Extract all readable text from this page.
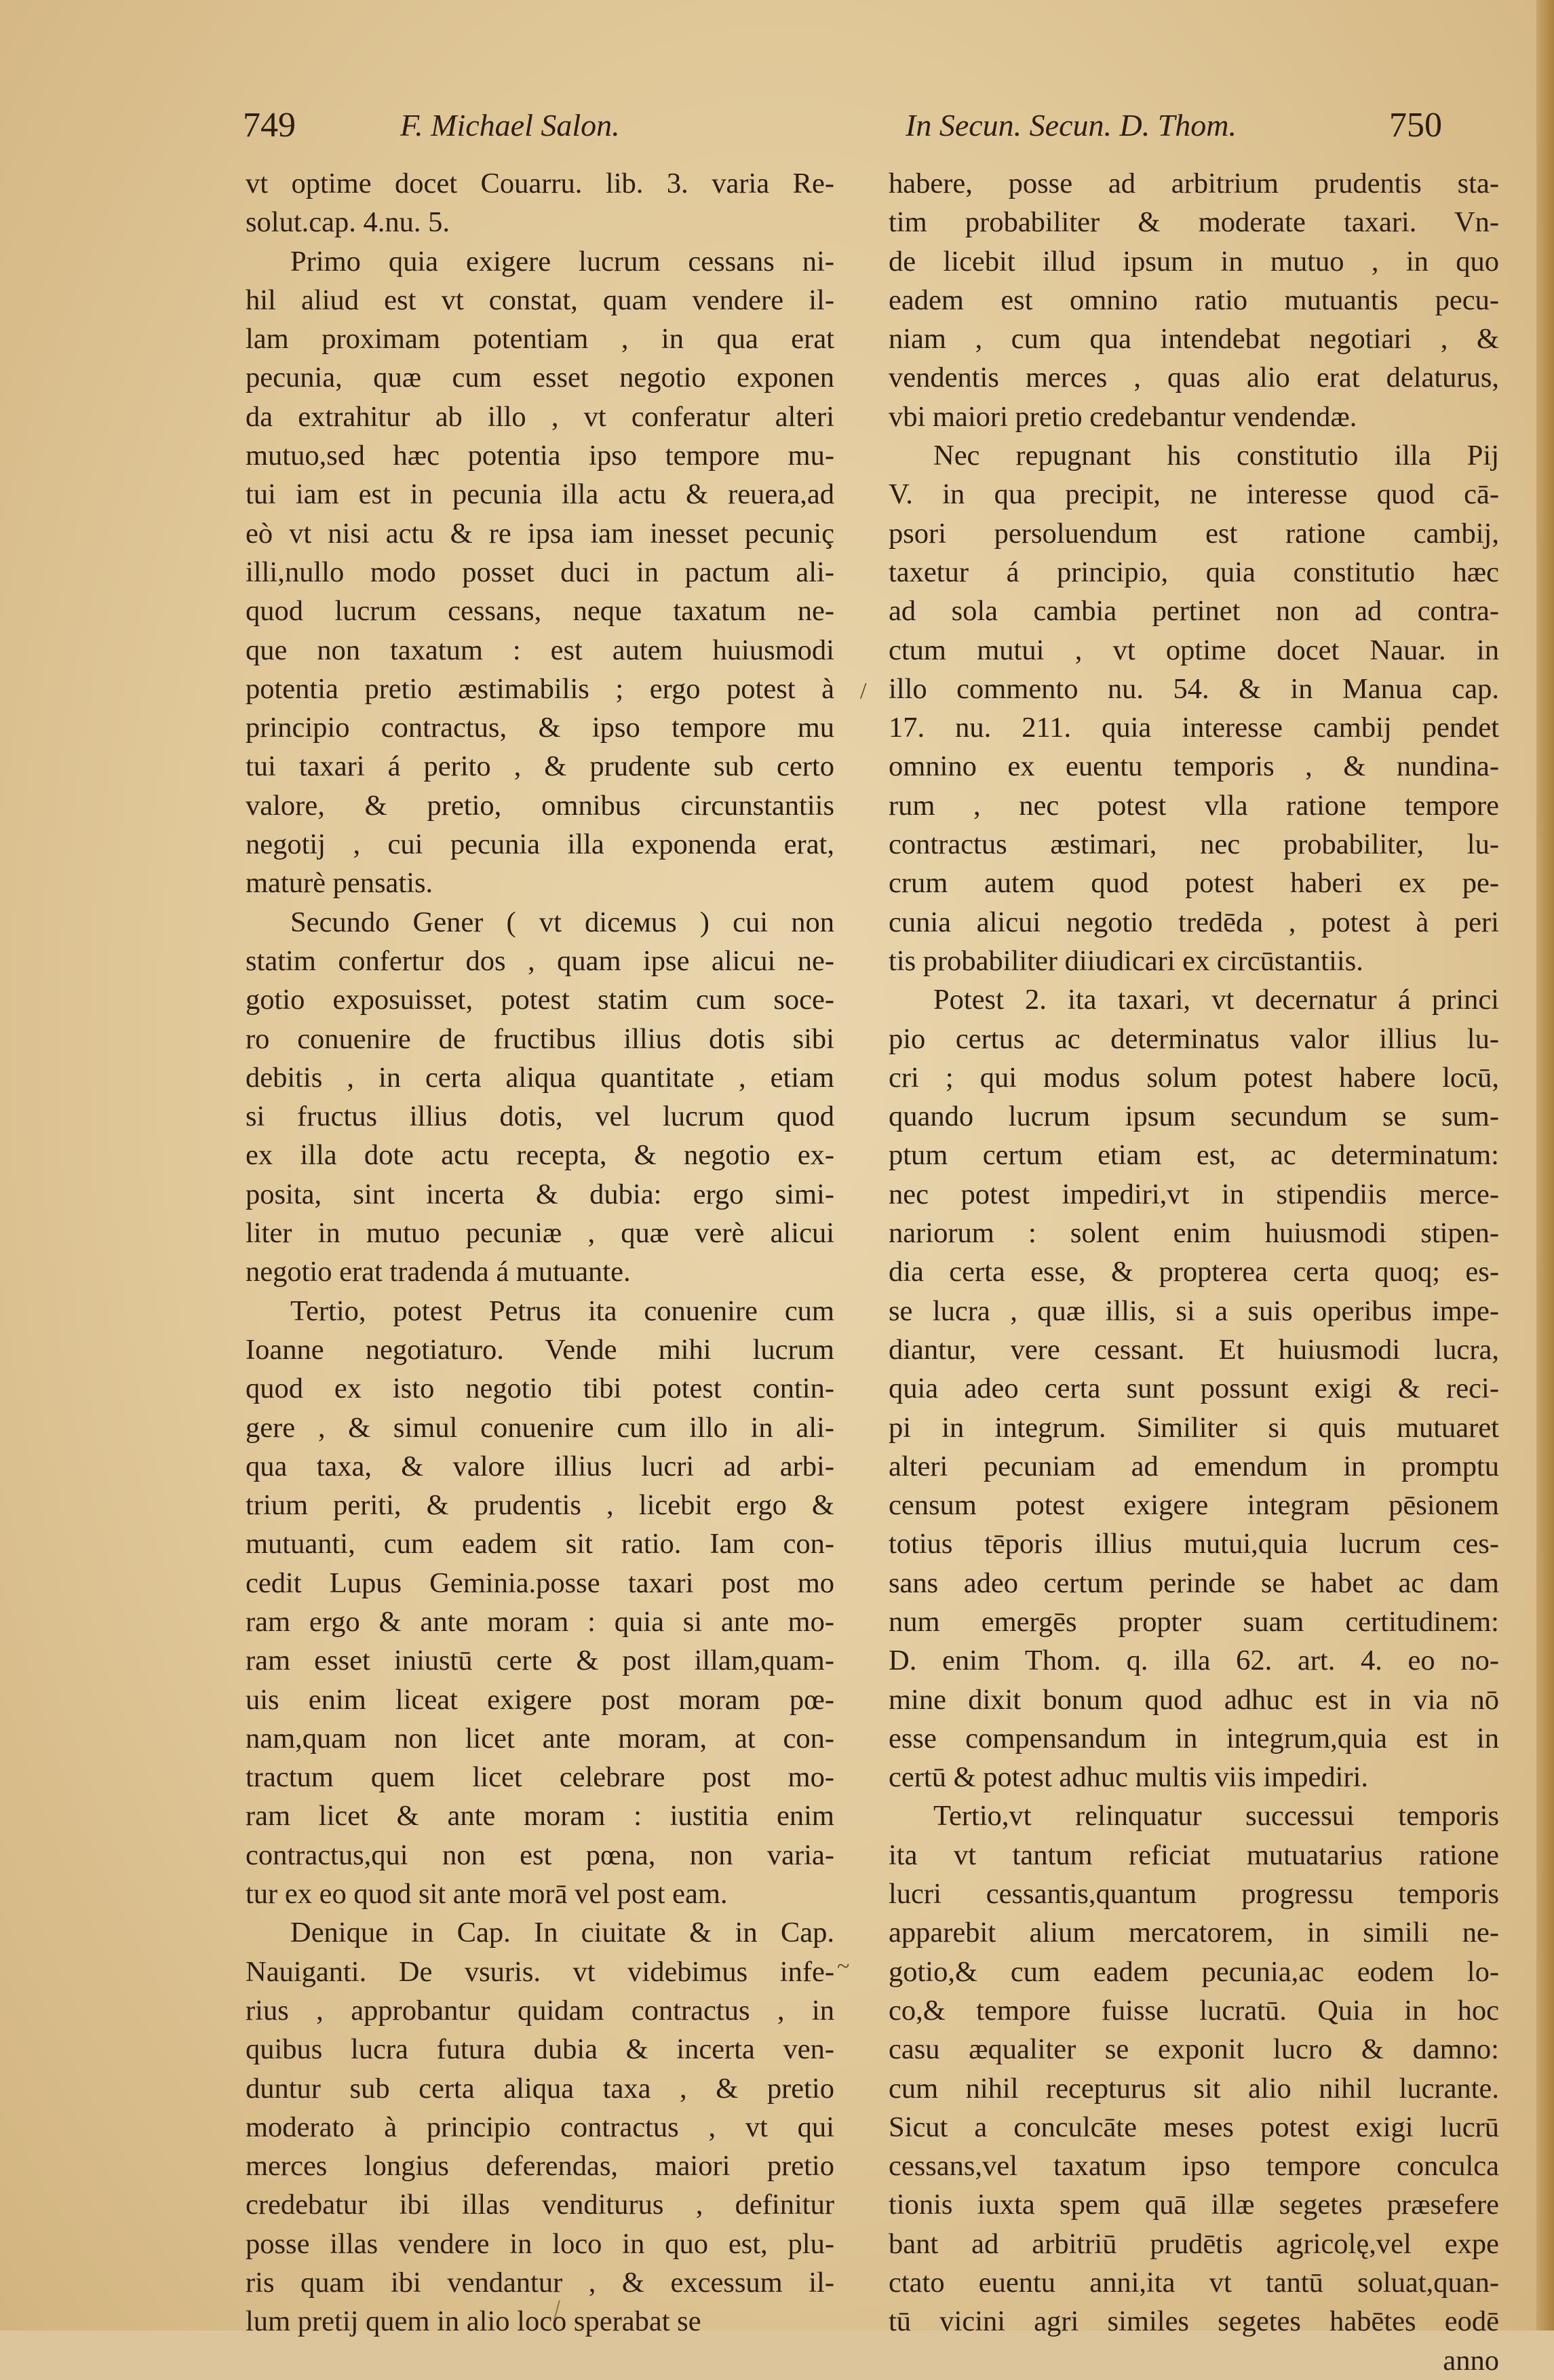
749	F. Michael Salon.	In Secun. Secun. D. Thom.	750
vt optime docet Couarru. lib. 3. varia Re-
solut.cap. 4.nu. 5.
Primo quia exigere lucrum cessans ni-
hil aliud est vt constat, quam vendere il-
lam proximam potentiam , in qua erat
pecunia, quæ cum esset negotio exponen
da extrahitur ab illo , vt conferatur alteri
mutuo,sed hæc potentia ipso tempore mu-
tui iam est in pecunia illa actu & reuera,ad
eò vt nisi actu & re ipsa iam inesset pecuniç
illi,nullo modo posset duci in pactum ali-
quod lucrum cessans, neque taxatum ne-
que non taxatum : est autem huiusmodi
potentia pretio æstimabilis ; ergo potest à
principio contractus, & ipso tempore mu
tui taxari á perito , & prudente sub certo
valore, & pretio, omnibus circunstantiis
negotij , cui pecunia illa exponenda erat,
maturè pensatis.
Secundo Gener ( vt diceмus ) cui non
statim confertur dos , quam ipse alicui ne-
gotio exposuisset, potest statim cum soce-
ro conuenire de fructibus illius dotis sibi
debitis , in certa aliqua quantitate , etiam
si fructus illius dotis, vel lucrum quod
ex illa dote actu recepta, & negotio ex-
posita, sint incerta & dubia: ergo simi-
liter in mutuo pecuniæ , quæ verè alicui
negotio erat tradenda á mutuante.
Tertio, potest Petrus ita conuenire cum
Ioanne negotiaturo. Vende mihi lucrum
quod ex isto negotio tibi potest contin-
gere , & simul conuenire cum illo in ali-
qua taxa, & valore illius lucri ad arbi-
trium periti, & prudentis , licebit ergo &
mutuanti, cum eadem sit ratio. Iam con-
cedit Lupus Geminia.posse taxari post mo
ram ergo & ante moram : quia si ante mo-
ram esset iniustū certe & post illam,quam-
uis enim liceat exigere post moram pœ-
nam,quam non licet ante moram, at con-
tractum quem licet celebrare post mo-
ram licet & ante moram : iustitia enim
contractus,qui non est pœna, non varia-
tur ex eo quod sit ante morā vel post eam.
Denique in Cap. In ciuitate & in Cap.
Nauiganti. De vsuris. vt videbimus infe-
rius , approbantur quidam contractus , in
quibus lucra futura dubia & incerta ven-
duntur sub certa aliqua taxa , & pretio
moderato à principio contractus , vt qui
merces longius deferendas, maiori pretio
credebatur ibi illas venditurus , definitur
posse illas vendere in loco in quo est, plu-
ris quam ibi vendantur , & excessum il-
lum pretij quem in alio loco sperabat se
habere, posse ad arbitrium prudentis sta-
tim probabiliter & moderate taxari. Vn-
de licebit illud ipsum in mutuo , in quo
eadem est omnino ratio mutuantis pecu-
niam , cum qua intendebat negotiari , &
vendentis merces , quas alio erat delaturus,
vbi maiori pretio credebantur vendendæ.
Nec repugnant his constitutio illa Pij
V. in qua precipit, ne interesse quod cā-
psori persoluendum est ratione cambij,
taxetur á principio, quia constitutio hæc
ad sola cambia pertinet non ad contra-
ctum mutui , vt optime docet Nauar. in
illo commento nu. 54. & in Manua cap.
17. nu. 211. quia interesse cambij pendet
omnino ex euentu temporis , & nundina-
rum , nec potest vlla ratione tempore
contractus æstimari, nec probabiliter, lu-
crum autem quod potest haberi ex pe-
cunia alicui negotio tredēda , potest à peri
tis probabiliter diiudicari ex circūstantiis.
Potest 2. ita taxari, vt decernatur á princi
pio certus ac determinatus valor illius lu-
cri ; qui modus solum potest habere locū,
quando lucrum ipsum secundum se sum-
ptum certum etiam est, ac determinatum:
nec potest impediri,vt in stipendiis merce-
nariorum : solent enim huiusmodi stipen-
dia certa esse, & propterea certa quoq; es-
se lucra , quæ illis, si a suis operibus impe-
diantur, vere cessant. Et huiusmodi lucra,
quia adeo certa sunt possunt exigi & reci-
pi in integrum. Similiter si quis mutuaret
alteri pecuniam ad emendum in promptu
censum potest exigere integram pēsionem
totius tēporis illius mutui,quia lucrum ces-
sans adeo certum perinde se habet ac dam
num emergēs propter suam certitudinem:
D. enim Thom. q. illa 62. art. 4. eo no-
mine dixit bonum quod adhuc est in via nō
esse compensandum in integrum,quia est in
certū & potest adhuc multis viis impediri.
Tertio,vt relinquatur successui temporis
ita vt tantum reficiat mutuatarius ratione
lucri cessantis,quantum progressu temporis
apparebit alium mercatorem, in simili ne-
gotio,& cum eadem pecunia,ac eodem lo-
co,& tempore fuisse lucratū. Quia in hoc
casu æqualiter se exponit lucro & damno:
cum nihil recepturus sit alio nihil lucrante.
Sicut a conculcāte meses potest exigi lucrū
cessans,vel taxatum ipso tempore conculca
tionis iuxta spem quā illæ segetes præsefere
bant ad arbitriū prudētis agricolę,vel expe
ctato euentu anni,ita vt tantū soluat,quan-
tū vicini agri similes segetes habētes eodē
anno
/
~
